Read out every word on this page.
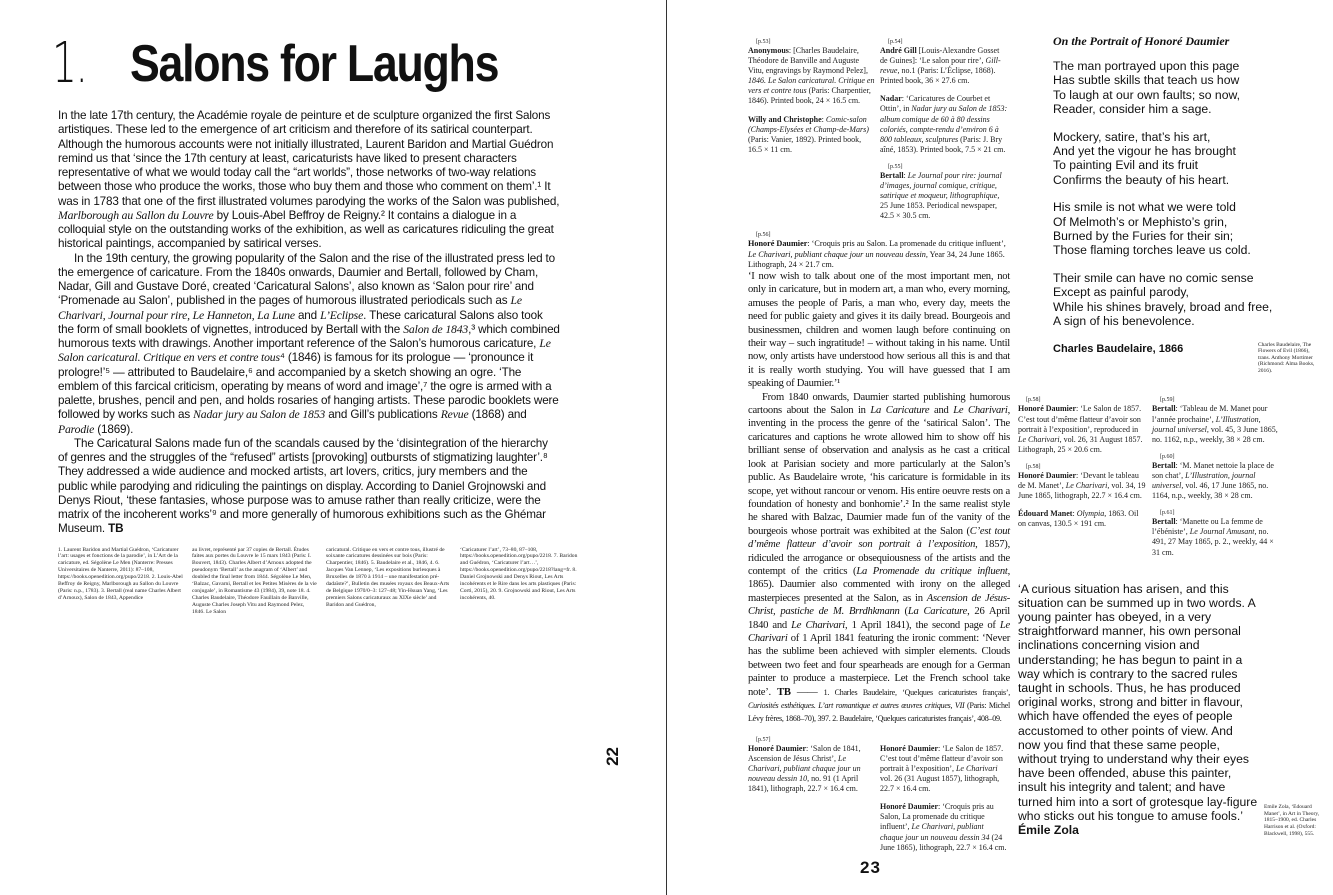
1. Salons for Laughs

In the late 17th century, the Académie royale de peinture et de sculpture organized the first Salons artistiques. These led to the emergence of art criticism and therefore of its satirical counterpart. Although the humorous accounts were not initially illustrated, Laurent Baridon and Martial Guédron remind us that ‘since the 17th century at least, caricaturists have liked to present characters representative of what we would today call the “art worlds”, those networks of two-way relations between those who produce the works, those who buy them and those who comment on them’.¹ It was in 1783 that one of the first illustrated volumes parodying the works of the Salon was published, Marlborough au Sallon du Louvre by Louis-Abel Beffroy de Reigny.² It contains a dialogue in a colloquial style on the outstanding works of the exhibition, as well as caricatures ridiculing the great historical paintings, accompanied by satirical verses.

In the 19th century, the growing popularity of the Salon and the rise of the illustrated press led to the emergence of caricature. From the 1840s onwards, Daumier and Bertall, followed by Cham, Nadar, Gill and Gustave Doré, created ‘Caricatural Salons’, also known as ‘Salon pour rire’ and ‘Promenade au Salon’, published in the pages of humorous illustrated periodicals such as Le Charivari, Journal pour rire, Le Hanneton, La Lune and L’Eclipse. These caricatural Salons also took the form of small booklets of vignettes, introduced by Bertall with the Salon de 1843,³ which combined humorous texts with drawings. Another important reference of the Salon’s humorous caricature, Le Salon caricatural. Critique en vers et contre tous⁴ (1846) is famous for its prologue — ‘pronounce it prologre!’⁵ — attributed to Baudelaire,⁶ and accompanied by a sketch showing an ogre. ‘The emblem of this farcical criticism, operating by means of word and image’,⁷ the ogre is armed with a palette, brushes, pencil and pen, and holds rosaries of hanging artists. These parodic booklets were followed by works such as Nadar jury au Salon de 1853 and Gill’s publications Revue (1868) and Parodie (1869).

The Caricatural Salons made fun of the scandals caused by the ‘disintegration of the hierarchy of genres and the struggles of the “refused” artists [provoking] outbursts of stigmatizing laughter’.⁸ They addressed a wide audience and mocked artists, art lovers, critics, jury members and the public while parodying and ridiculing the paintings on display. According to Daniel Grojnowski and Denys Riout, ‘these fantasies, whose purpose was to amuse rather than really criticize, were the matrix of the incoherent works’⁹ and more generally of humorous exhibitions such as the Ghémar Museum. TB

1. Laurent Baridon and Martial Guédron, ‘Caricaturer l’art: usages et fonctions de la parodie’, in L’Art de la caricature, ed. Ségolène Le Men (Nanterre: Presses Universitaires de Nanterre, 2011): 87–108, https://books.openedition.org/pupo/2218. 2. Louis-Abel Beffroy de Reigny, Marlborough au Sallon du Louvre (Paris: n.p., 1783). 3. Bertall (real name Charles Albert d’Arnoux), Salon de 1843, Appendice
au livret, représenté par 37 copies de Bertall. Études faites aux portes du Louvre le 15 mars 1843 (Paris: I. Bouvert, 1843). Charles Albert d’Arnoux adopted the pseudonym ‘Bertall’ as the anagram of ‘Albert’ and doubled the final letter from 1844. Ségolène Le Men, ‘Balzac, Gavarni, Bertall et les Petites Misères de la vie conjugale’, in Romantisme 43 (1984), 39, note 18. 4. Charles Baudelaire, Théodore Fauillain de Banville, Auguste Charles Joseph Vitu and Raymond Pelez, 1846. Le Salon
caricatural. Critique en vers et contre tous, illustré de soixante caricatures dessinées sur bois (Paris: Charpentier, 1846). 5. Baudelaire et al., 1846, 4. 6. Jacques Van Lennep, ‘Les expositions burlesques à Bruxelles de 1870 à 1914 – une manifestation pré-dadaïste?’, Bulletin des musées royaux des Beaux-Arts de Belgique 1970/0–3: 127–48; Yin-Hsuan Yang, ‘Les premiers Salons caricaturaux au XIXe siècle’ and Baridon and Guédron,
‘Caricaturer l’art’, 73–80, 87–108, https://books.openedition.org/pupo/2218. 7. Baridon and Guédron, ‘Caricaturer l’art…’, https://books.openedition.org/pupo/2218?lang=fr. 8. Daniel Grojnowski and Denys Riout, Les Arts incohérents et le Rire dans les arts plastiques (Paris: Corti, 2015), 20. 9. Grojnowski and Riout, Les Arts incohérents, 40.
22
[p.53]
Anonymous: [Charles Baudelaire, Théodore de Banville and Auguste Vitu, engravings by Raymond Pelez], 1846. Le Salon caricatural. Critique en vers et contre tous (Paris: Charpentier, 1846). Printed book, 24 × 16.5 cm.
Willy and Christophe: Comic-salon (Champs-Elysées et Champ-de-Mars) (Paris: Vanier, 1892). Printed book, 16.5 × 11 cm.
[p.54]
André Gill [Louis-Alexandre Gosset de Guines]: ‘Le salon pour rire’, Gill-revue, no.1 (Paris: L’Éclipse, 1868). Printed book, 36 × 27.6 cm.
Nadar: ‘Caricatures de Courbet et Ottin’, in Nadar jury au Salon de 1853: album comique de 60 à 80 dessins coloriés, compte-rendu d’environ 6 à 800 tableaux, sculptures (Paris: J. Bry aîné, 1853). Printed book, 7.5 × 21 cm.
[p.55]
Bertall: Le Journal pour rire: journal d’images, journal comique, critique, satirique et moqueur, lithographique, 25 June 1853. Periodical newspaper, 42.5 × 30.5 cm.
[p.56]
Honoré Daumier: ‘Croquis pris au Salon. La promenade du critique influent’, Le Charivari, publiant chaque jour un nouveau dessin, Year 34, 24 June 1865. Lithograph, 24 × 21.7 cm.

‘I now wish to talk about one of the most important men, not only in caricature, but in modern art, a man who, every morning, amuses the people of Paris, a man who, every day, meets the need for public gaiety and gives it its daily bread. Bourgeois and businessmen, children and women laugh before continuing on their way – such ingratitude! – without taking in his name. Until now, only artists have understood how serious all this is and that it is really worth studying. You will have guessed that I am speaking of Daumier.’¹

From 1840 onwards, Daumier started publishing humorous cartoons about the Salon in La Caricature and Le Charivari, inventing in the process the genre of the ‘satirical Salon’. The caricatures and captions he wrote allowed him to show off his brilliant sense of observation and analysis as he cast a critical look at Parisian society and more particularly at the Salon’s public. As Baudelaire wrote, ‘his caricature is formidable in its scope, yet without rancour or venom. His entire oeuvre rests on a foundation of honesty and bonhomie’.² In the same realist style he shared with Balzac, Daumier made fun of the vanity of the bourgeois whose portrait was exhibited at the Salon (C’est tout d’même flatteur d’avoir son portrait à l’exposition, 1857), ridiculed the arrogance or obsequiousness of the artists and the contempt of the critics (La Promenade du critique influent, 1865). Daumier also commented with irony on the alleged masterpieces presented at the Salon, as in Ascension de Jésus-Christ, pastiche de M. Brrdhkmann (La Caricature, 26 April 1840 and Le Charivari, 1 April 1841), the second page of Le Charivari of 1 April 1841 featuring the ironic comment: ‘Never has the sublime been achieved with simpler elements. Clouds between two feet and four spearheads are enough for a German painter to produce a masterpiece. Let the French school take note’. TB —— 1. Charles Baudelaire, ‘Quelques caricaturistes français’, Curiosités esthétiques. L’art romantique et autres œuvres critiques, VII (Paris: Michel Lévy frères, 1868–70), 397. 2. Baudelaire, ‘Quelques caricaturistes français’, 408–09.

[p.57]
Honoré Daumier: ‘Salon de 1841, Ascension de Jésus Christ’, Le Charivari, publiant chaque jour un nouveau dessin 10, no. 91 (1 April 1841), lithograph, 22.7 × 16.4 cm.
Honoré Daumier: ‘Le Salon de 1857. C’est tout d’même flatteur d’avoir son portrait à l’exposition’, Le Charivari vol. 26 (31 August 1857), lithograph, 22.7 × 16.4 cm.
Honoré Daumier: ‘Croquis pris au Salon, La promenade du critique influent’, Le Charivari, publiant chaque jour un nouveau dessin 34 (24 June 1865), lithograph, 22.7 × 16.4 cm.
On the Portrait of Honoré Daumier
The man portrayed upon this page
Has subtle skills that teach us how
To laugh at our own faults; so now,
Reader, consider him a sage.
Mockery, satire, that’s his art,
And yet the vigour he has brought
To painting Evil and its fruit
Confirms the beauty of his heart.
His smile is not what we were told
Of Melmoth’s or Mephisto’s grin,
Burned by the Furies for their sin;
Those flaming torches leave us cold.
Their smile can have no comic sense
Except as painful parody,
While his shines bravely, broad and free,
A sign of his benevolence.
Charles Baudelaire, 1866	Charles Baudelaire, The Flowers of Evil (1866), trans. Anthony Mortimer (Richmond: Alma Books, 2016).
[p.58]
Honoré Daumier: ‘Le Salon de 1857. C’est tout d’même flatteur d’avoir son portrait à l’exposition’, reproduced in Le Charivari, vol. 26, 31 August 1857. Lithograph, 25 × 20.6 cm.
[p.58]
Honoré Daumier: ‘Devant le tableau de M. Manet’, Le Charivari, vol. 34, 19 June 1865, lithograph, 22.7 × 16.4 cm.
Édouard Manet: Olympia, 1863. Oil on canvas, 130.5 × 191 cm.
[p.59]
Bertall: ‘Tableau de M. Manet pour l’année prochaine’, L’Illustration, journal universel, vol. 45, 3 June 1865, no. 1162, n.p., weekly, 38 × 28 cm.
[p.60]
Bertall: ‘M. Manet nettoie la place de son chat’, L’Illustration, journal universel, vol. 46, 17 June 1865, no. 1164, n.p., weekly, 38 × 28 cm.
[p.61]
Bertall: ‘Manette ou La femme de l’ébéniste’, Le Journal Amusant, no. 491, 27 May 1865, p. 2., weekly, 44 × 31 cm.
‘A curious situation has arisen, and this situation can be summed up in two words. A young painter has obeyed, in a very straightforward manner, his own personal inclinations concerning vision and understanding; he has begun to paint in a way which is contrary to the sacred rules taught in schools. Thus, he has produced original works, strong and bitter in flavour, which have offended the eyes of people accustomed to other points of view. And now you find that these same people, without trying to understand why their eyes have been offended, abuse this painter, insult his integrity and talent; and have turned him into a sort of grotesque lay-figure who sticks out his tongue to amuse fools.’ Émile Zola
Emile Zola, ‘Edouard Manet’, in Art in Theory, 1815–1900, ed. Charles Harrison et al. (Oxford: Blackwell, 1998), 555.
23
